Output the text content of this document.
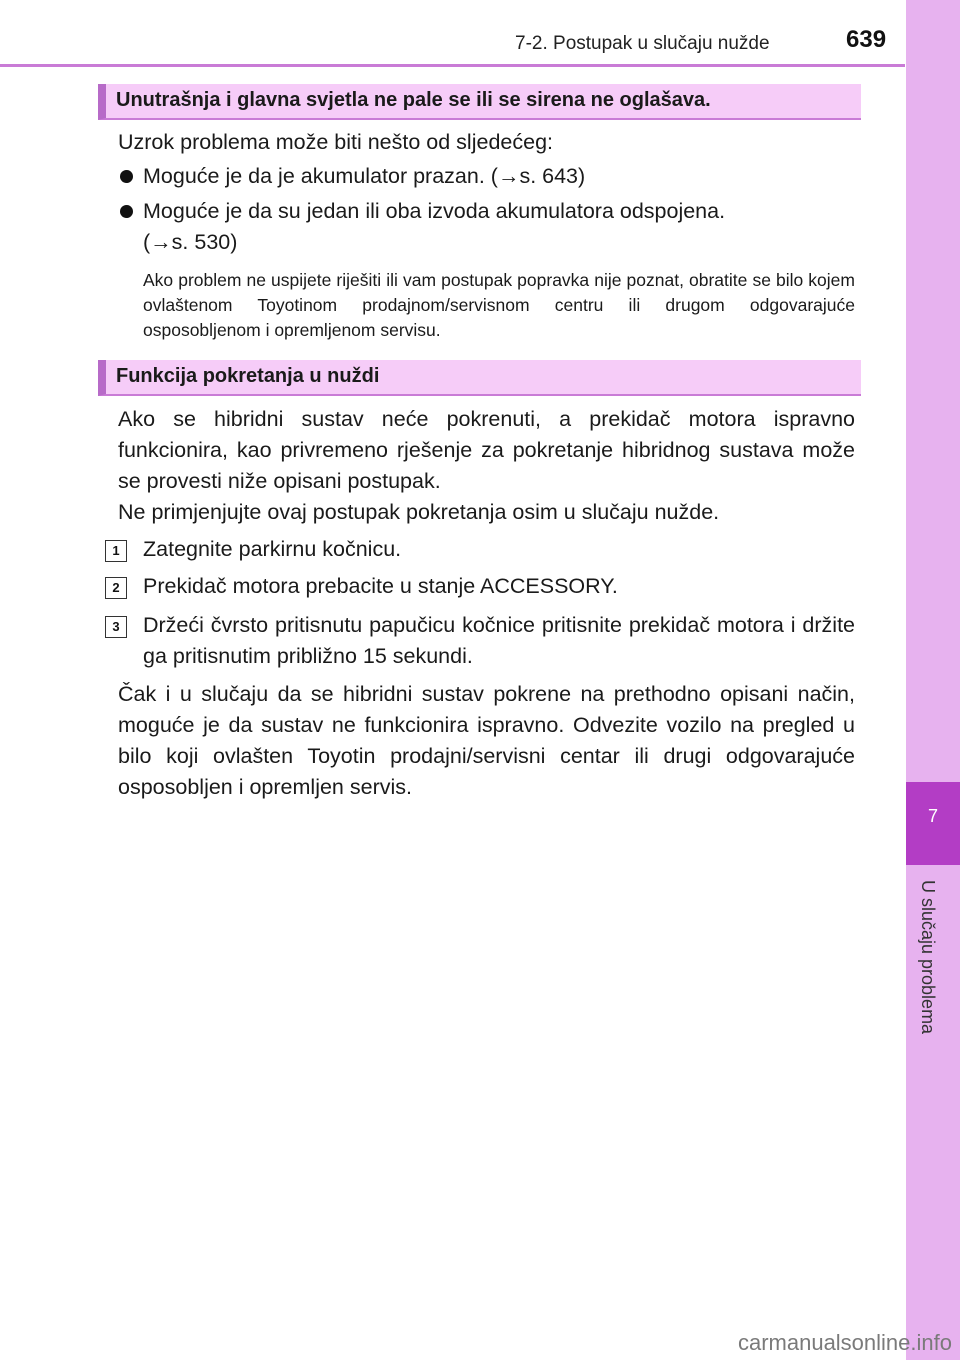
7-2. Postupak u slučaju nužde	639
7
U slučaju problema
Unutrašnja i glavna svjetla ne pale se ili se sirena ne oglašava.
Uzrok problema može biti nešto od sljedećeg:
Moguće je da je akumulator prazan. (→s. 643)
Moguće je da su jedan ili oba izvoda akumulatora odspojena.
(→s. 530)
Ako problem ne uspijete riješiti ili vam postupak popravka nije poznat, obratite se bilo kojem ovlaštenom Toyotinom prodajnom/servisnom centru ili drugom odgovarajuće osposobljenom i opremljenom servisu.
Funkcija pokretanja u nuždi
Ako se hibridni sustav neće pokrenuti, a prekidač motora ispravno funkcionira, kao privremeno rješenje za pokretanje hibridnog sustava može se provesti niže opisani postupak.
Ne primjenjujte ovaj postupak pokretanja osim u slučaju nužde.
1	Zategnite parkirnu kočnicu.
2	Prekidač motora prebacite u stanje ACCESSORY.
3	Držeći čvrsto pritisnutu papučicu kočnice pritisnite prekidač motora i držite ga pritisnutim približno 15 sekundi.
Čak i u slučaju da se hibridni sustav pokrene na prethodno opisani način, moguće je da sustav ne funkcionira ispravno. Odvezite vozilo na pregled u bilo koji ovlašten Toyotin prodajni/servisni centar ili drugi odgovarajuće osposobljen i opremljen servis.
carmanualsonline.info
